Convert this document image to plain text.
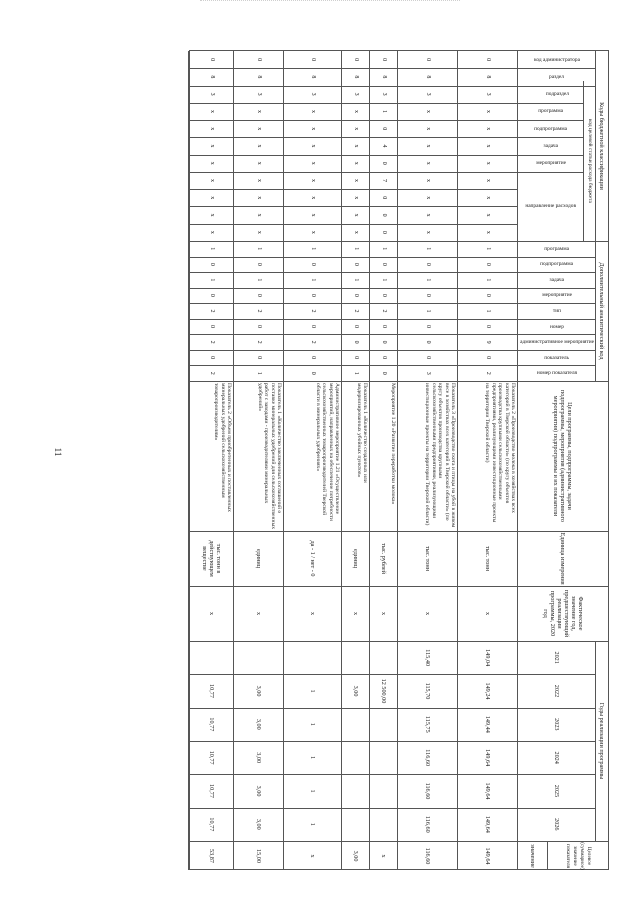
11
Коды бюджетной классификации
Дополнительный аналитический код
Цели программы, подпрограммы, задачи подпрограммы, мероприятия (административного мероприятия) подпрограммы и их показатели
Единица измерения
Фактическое значение год, предшествующий реализации программы, 2020 год
Годы реализации программы
Целевое (суммарное) значение показателя
значение
код целевой статьи расхода бюджета
код администратора
раздел
подраздел
программа
подпрограмма
задача
мероприятие
направление расходов
программа
подпрограмма
задача
мероприятие
тип
номер
административное мероприятие
показатель
номер показателя
2021
2022
2023
2024
2025
2026
0
8
3
х
х
х
х
х
х
х
х
1
0
1
0
1
0
9
0
2
Показатель 2 «Производство молока в хозяйствах всех категорий в Тверской области» (по кругу объектов производства крупными сельскохозяйственными предприятиями, реализующими инвестиционные проекты на территории Тверской области)
тыс. тонн
х
149,04
149,24
149,44
149,64
149,64
149,64
149,64
0
8
3
х
х
х
х
х
х
х
х
1
0
1
0
1
0
0
0
3
Показатель 3 «Производство скота и птицы на убой в живом весе в хозяйствах всех категорий в Тверской области» (по кругу объектов производства крупными сельскохозяйственными предприятиями, реализующими инвестиционные проекты на территории Тверской области)
тыс. тонн
х
115,40
115,70
115,75
116,60
116,60
116,60
116,60
0
8
3
1
0
4
0
7
0
0
0
1
0
1
0
2
0
0
0
0
Мероприятие 1.20 «Развитие переработки молока»
тыс. рублей
х
12 500,00
х
0
8
3
х
х
х
х
х
х
х
х
1
0
1
0
2
0
0
0
1
Показатель 1 «Количество созданных или модернизированных убойных пунктов»
единиц
х
3,00
3,00
0
8
3
х
х
х
х
х
х
х
х
1
0
1
0
2
0
2
0
0
Административное мероприятие 1.21 «Осуществление мероприятий, направленных на обеспечение потребности сельскохозяйственных товаропроизводителей Тверской области в минеральных удобрениях»
да - 1 / нет - 0
х
1
1
1
1
1
х
0
8
3
х
х
х
х
х
х
х
х
1
0
1
0
2
0
2
0
1
Показатель 1 «Количество заключенных соглашений о поставке минеральных удобрений для сельскохозяйственных работ с заводами - производителями минеральных удобрений»
единиц
х
3,00
3,00
3,00
3,00
3,00
15,00
0
8
3
х
х
х
х
х
х
х
х
1
0
1
0
2
0
2
0
2
Показатель 2 «Объем приобретенных и поставленных минеральных удобрений сельскохозяйственным товаропроизводителям»
тыс. тонн в действующем веществе
х
10,77
10,77
10,77
10,77
10,77
53,87
